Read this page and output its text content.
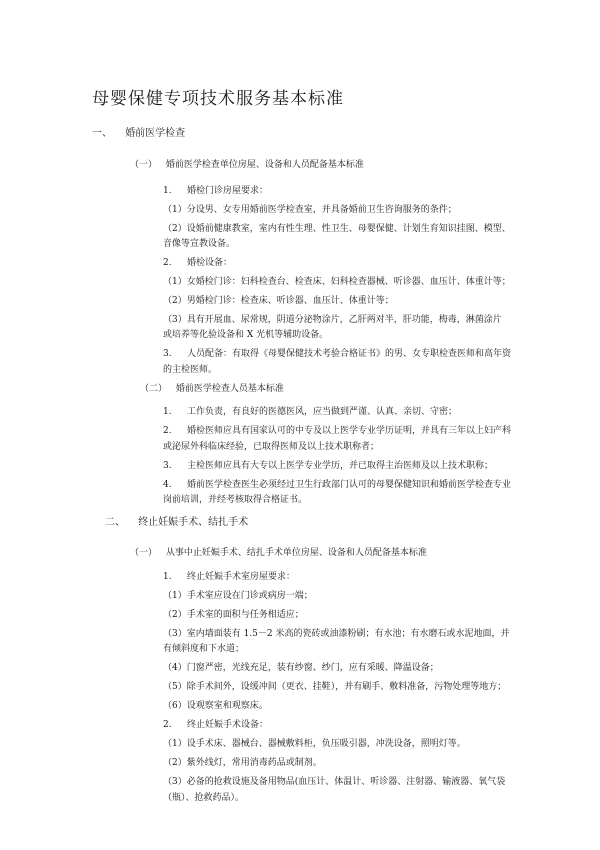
母婴保健专项技术服务基本标准
一、 婚前医学检查
（一） 婚前医学检查单位房屋、设备和人员配备基本标准
1. 婚检门诊房屋要求：
（1）分设男、女专用婚前医学检查室，并具备婚前卫生咨询服务的条件；
（2）设婚前健康教室，室内有性生理、性卫生、母婴保健、计划生育知识挂图、模型、
音像等宣教设备。
2. 婚检设备：
（1）女婚检门诊：妇科检查台、检查床、妇科检查器械、听诊器、血压计、体重计等；
（2）男婚检门诊：检查床、听诊器、血压计、体重计等；
（3）具有开展血、尿常规，阴道分泌物涂片，乙肝两对半，肝功能，梅毒，淋菌涂片
或培养等化验设备和 X 光机等辅助设备。
3. 人员配备：有取得《母婴保健技术考验合格证书》的男、女专职检查医师和高年资
的主检医师。
（二） 婚前医学检查人员基本标准
1. 工作负责，有良好的医德医风，应当做到严谨、认真、亲切、守密；
2. 婚检医师应具有国家认可的中专及以上医学专业学历证明，并具有三年以上妇产科
或泌尿外科临床经验，已取得医师及以上技术职称者；
3. 主检医师应具有大专以上医学专业学历，并已取得主治医师及以上技术职称；
4. 婚前医学检查医生必须经过卫生行政部门认可的母婴保健知识和婚前医学检查专业
岗前培训，并经考核取得合格证书。
二、 终止妊娠手术、结扎手术
（一） 从事中止妊娠手术、结扎手术单位房屋、设备和人员配备基本标准
1. 终止妊娠手术室房屋要求：
（1）手术室应设在门诊或病房一端；
（2）手术室的面积与任务相适应；
（3）室内墙面装有 1.5－2 米高的瓷砖或油漆粉刷；有水池；有水磨石或水泥地面，并
有倾斜度和下水道；
（4）门窗严密，光线充足，装有纱窗、纱门，应有采暖、降温设备；
（5）除手术间外，设缓冲间（更衣、挂鞋），并有刷手、敷料准备，污物处理等地方；
（6）设观察室和观察床。
2. 终止妊娠手术设备：
（1）设手术床、器械台、器械敷料柜，负压吸引器，冲洗设备，照明灯等。
（2）紫外线灯，常用消毒药品或制剂。
（3）必备的抢救设施及备用物品(血压计、体温计、听诊器、注射器、输液器、氧气袋
（瓶）、抢救药品）。
